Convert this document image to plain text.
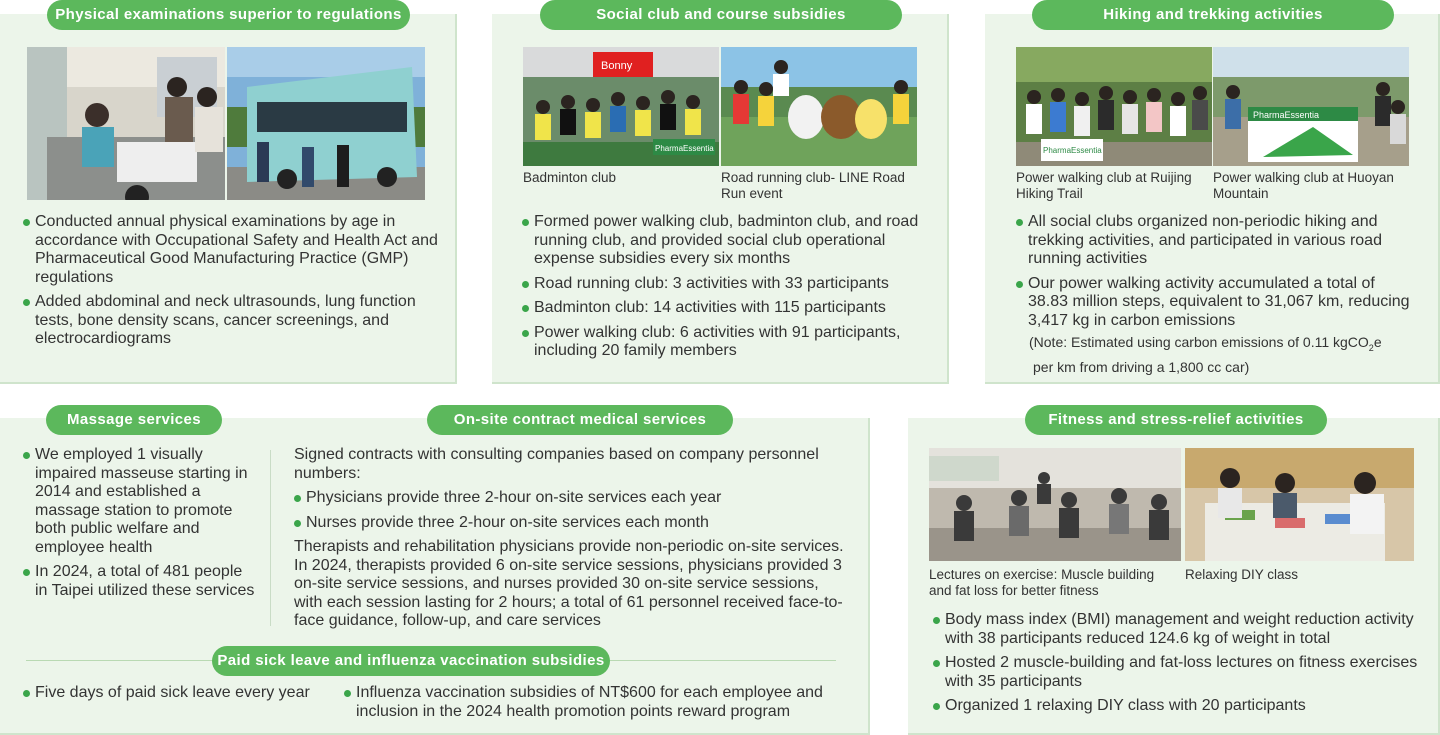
Physical examinations superior to regulations
Conducted annual physical examinations by age in accordance with Occupational Safety and Health Act and Pharmaceutical Good Manufacturing Practice (GMP) regulations
Added abdominal and neck ultrasounds, lung function tests, bone density scans, cancer screenings, and electrocardiograms
Social club and course subsidies
Bonny
PharmaEssentia
Badminton club	Road running club- LINE Road Run event
Formed power walking club, badminton club, and road running club, and provided social club operational expense subsidies every six months
Road running club: 3 activities with 33 participants
Badminton club: 14 activities with 115 participants
Power walking club: 6 activities with 91 participants, including 20 family members
Hiking and trekking activities
PharmaEssentia
PharmaEssentia
Power walking club at Ruijing Hiking Trail
Power walking club at Huoyan Mountain
All social clubs organized non-periodic hiking and trekking activities, and participated in various road running activities
Our power walking activity accumulated a total of 38.83 million steps, equivalent to 31,067 km, reducing 3,417 kg in carbon emissions
(Note: Estimated using carbon emissions of 0.11 kgCO$_2$e
per km from driving a 1,800 cc car)
Massage services
We employed 1 visually impaired masseuse starting in 2014 and established a massage station to promote both public welfare and employee health
In 2024, a total of 481 people in Taipei utilized these services
On-site contract medical services
Signed contracts with consulting companies based on company personnel numbers:
Physicians provide three 2-hour on-site services each year
Nurses provide three 2-hour on-site services each month
Therapists and rehabilitation physicians provide non-periodic on-site services. In 2024, therapists provided 6 on-site service sessions, physicians provided 3 on-site service sessions, and nurses provided 30 on-site service sessions, with each session lasting for 2 hours; a total of 61 personnel received face-to-face guidance, follow-up, and care services
Paid sick leave and influenza vaccination subsidies
Five days of paid sick leave every year	Influenza vaccination subsidies of NT$600 for each employee and inclusion in the 2024 health promotion points reward program
Fitness and stress-relief activities
Lectures on exercise: Muscle building and fat loss for better fitness
Relaxing DIY class
Body mass index (BMI) management and weight reduction activity with 38 participants reduced 124.6 kg of weight in total
Hosted 2 muscle-building and fat-loss lectures on fitness exercises with 35 participants
Organized 1 relaxing DIY class with 20 participants
